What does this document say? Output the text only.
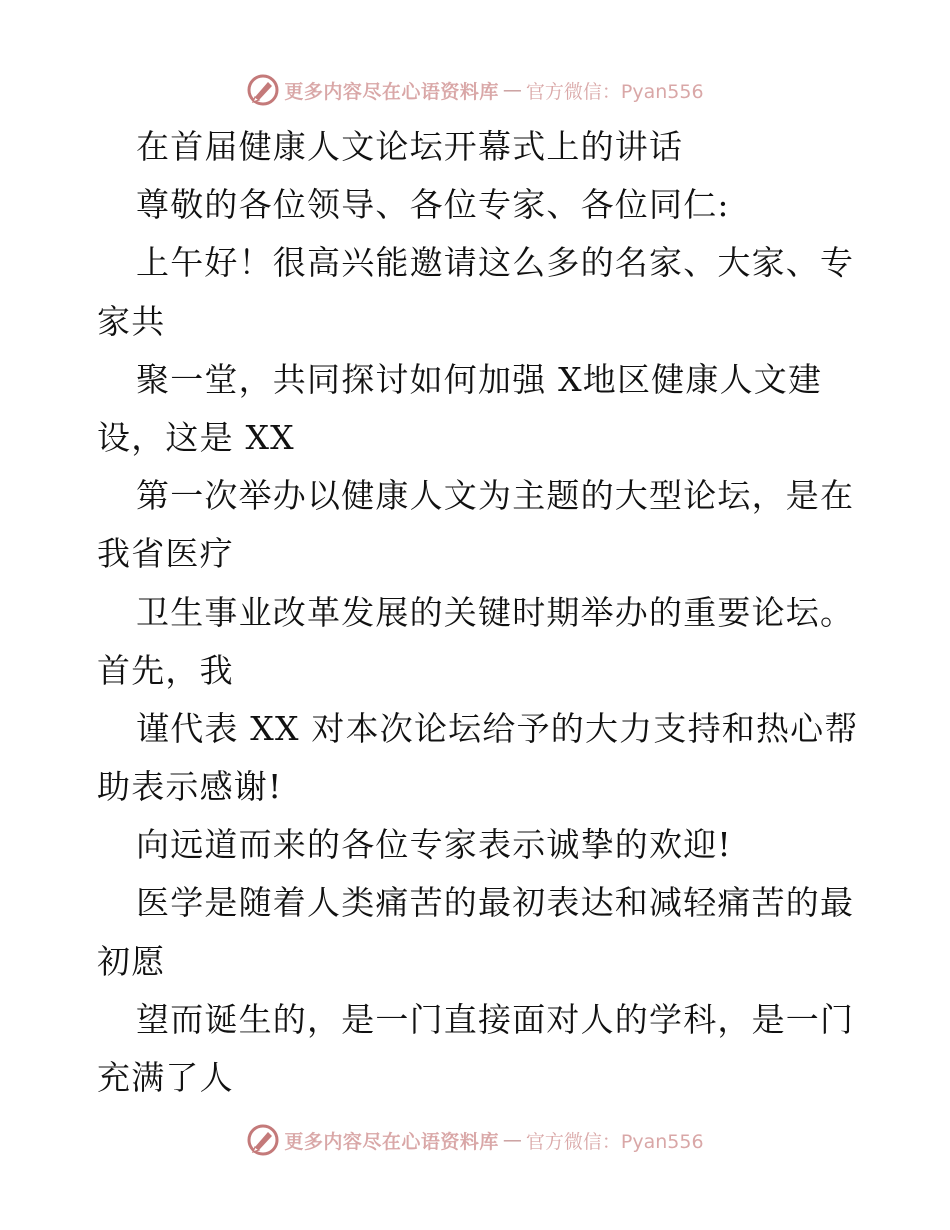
更多内容尽在心语资料库 — 官方微信：Pyan556
在首届健康人文论坛开幕式上的讲话
尊敬的各位领导、各位专家、各位同仁:
上午好！很高兴能邀请这么多的名家、大家、专
家共
聚一堂，共同探讨如何加强 X地区健康人文建
设，这是 XX
第一次举办以健康人文为主题的大型论坛，是在
我省医疗
卫生事业改革发展的关键时期举办的重要论坛。
首先，我
谨代表 XX 对本次论坛给予的大力支持和热心帮
助表示感谢!
向远道而来的各位专家表示诚挚的欢迎!
医学是随着人类痛苦的最初表达和减轻痛苦的最
初愿
望而诞生的，是一门直接面对人的学科，是一门
充满了人
更多内容尽在心语资料库 — 官方微信：Pyan556
